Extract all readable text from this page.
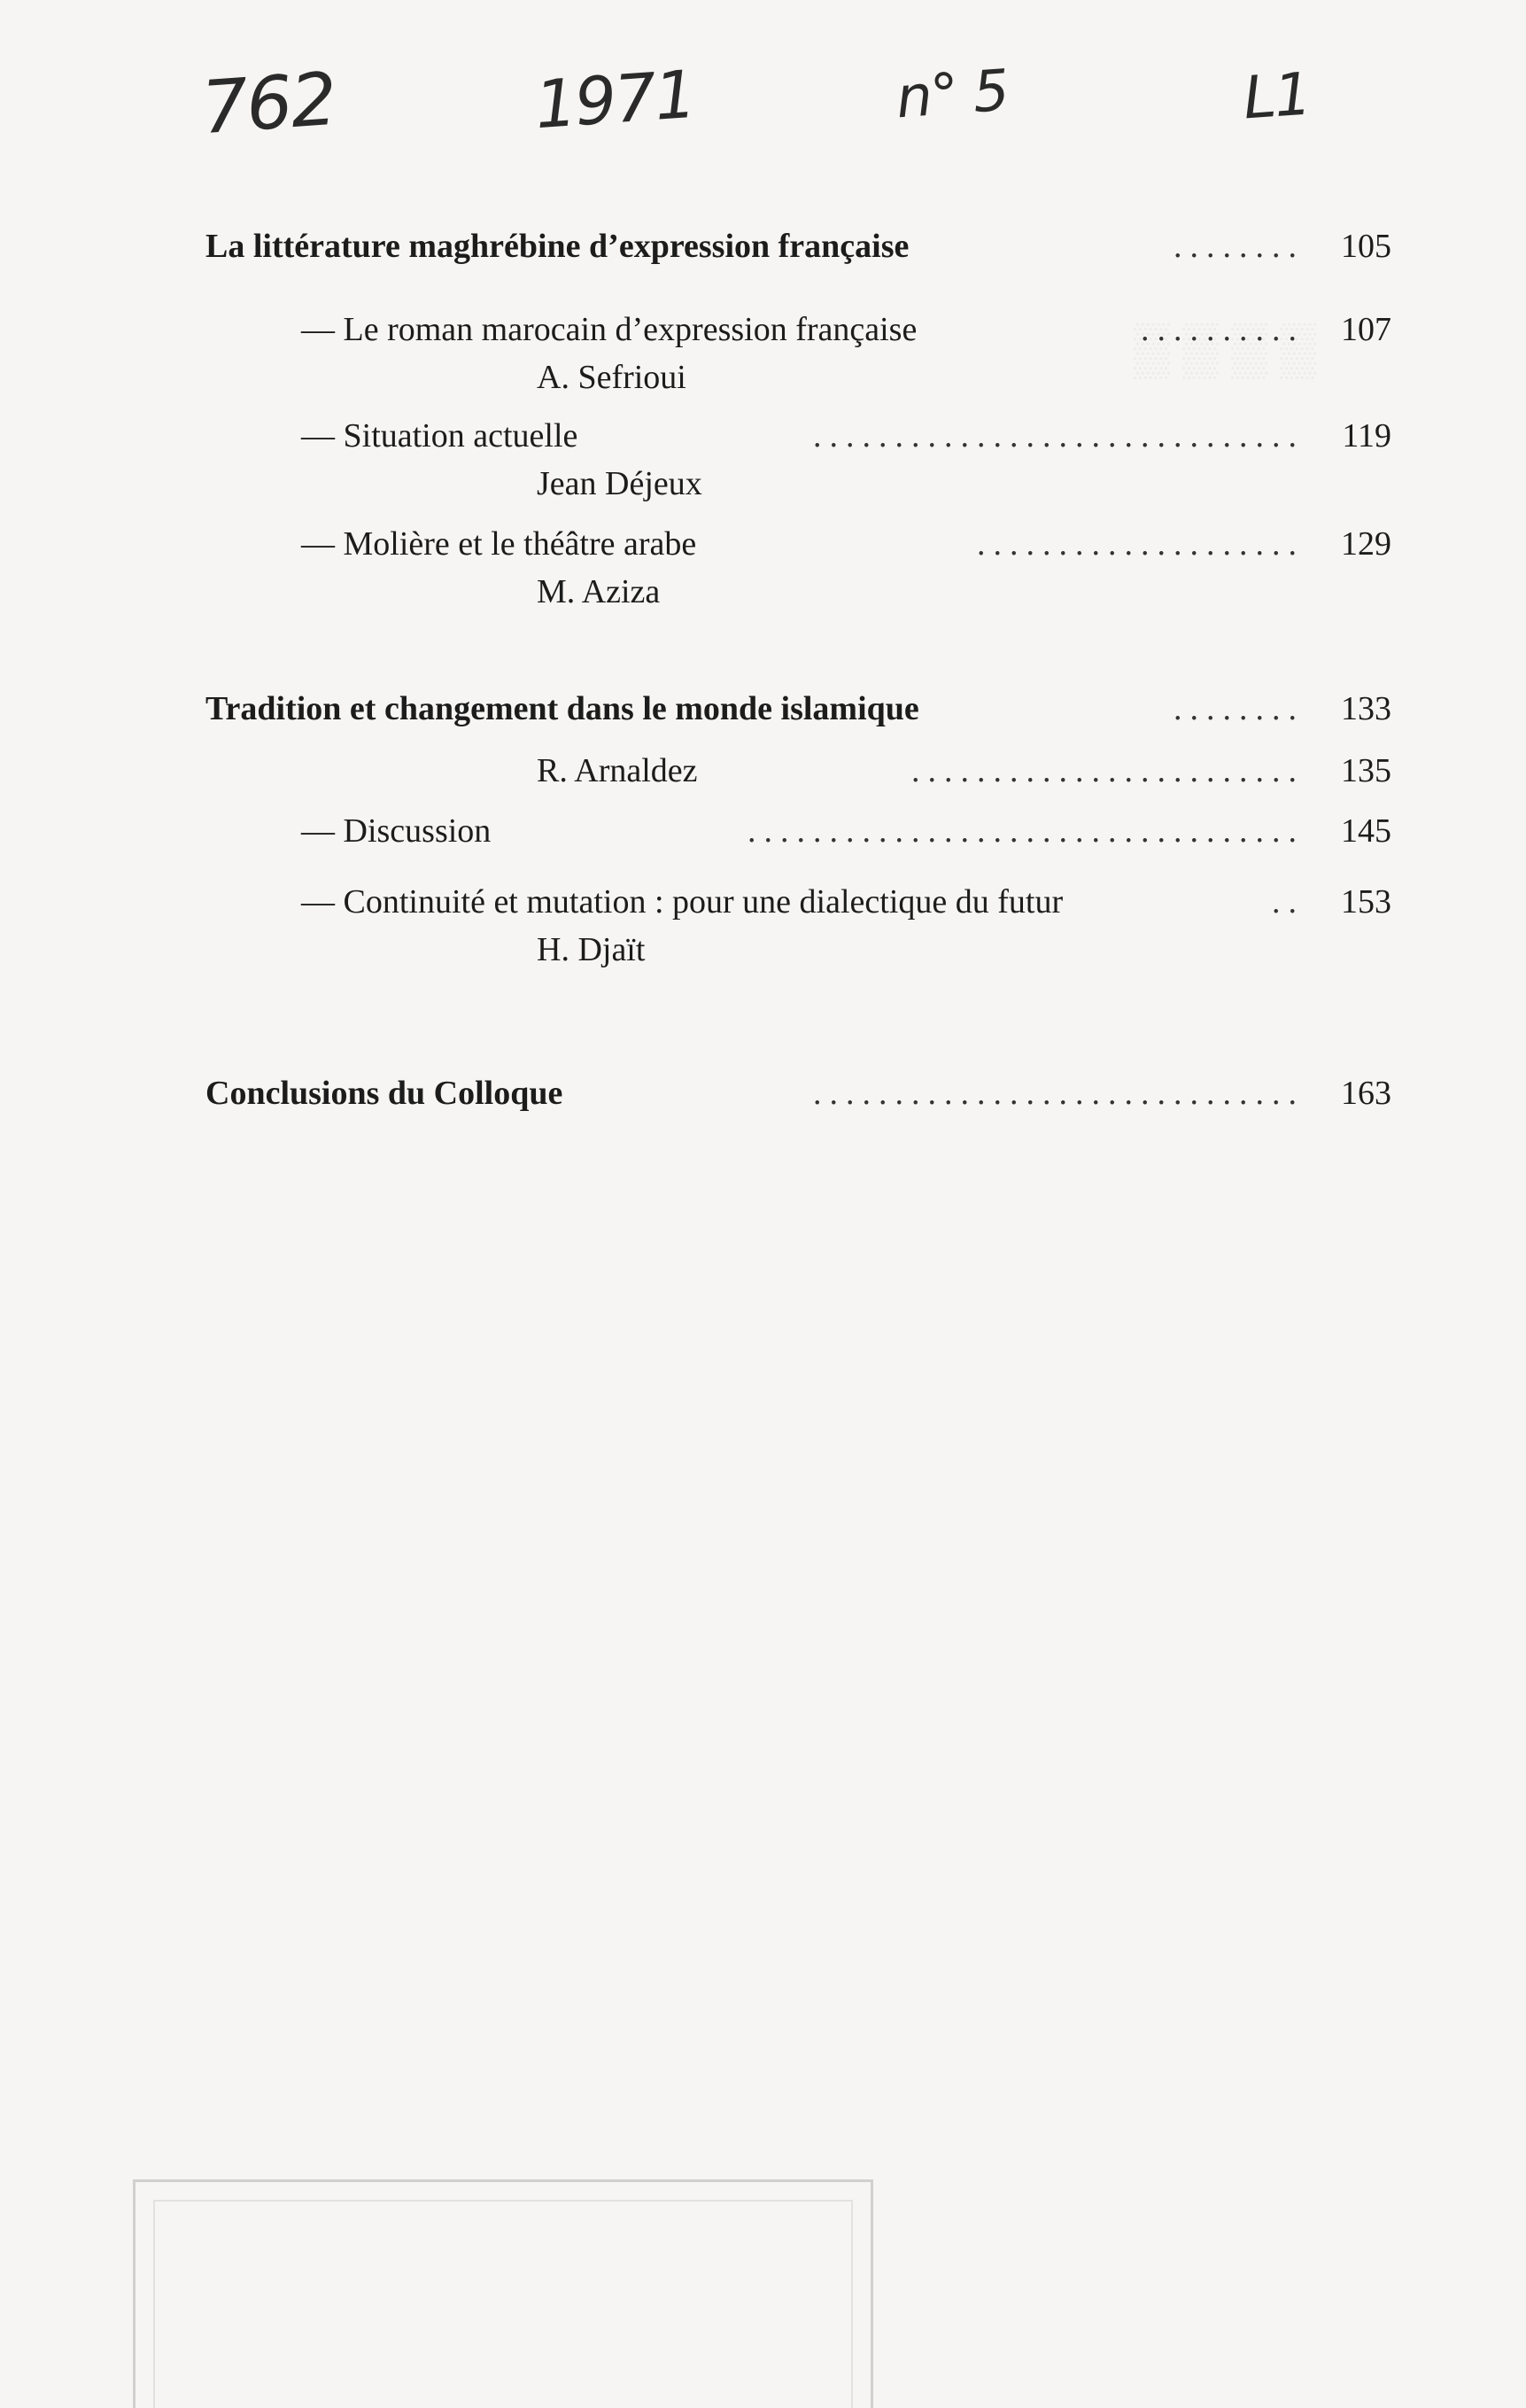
762	1971	n° 5	L1
La littérature maghrébine d’expression française	........	105
— Le roman marocain d’expression française	..........	107
A. Sefrioui
— Situation actuelle	..............................	119
Jean Déjeux
— Molière et le théâtre arabe	....................	129
M. Aziza
Tradition et changement dans le monde islamique	........	133
R. Arnaldez	........................	135
— Discussion	..................................	145
— Continuité et mutation : pour une dialectique du futur	..	153
H. Djaït
Conclusions du Colloque	..............................	163
